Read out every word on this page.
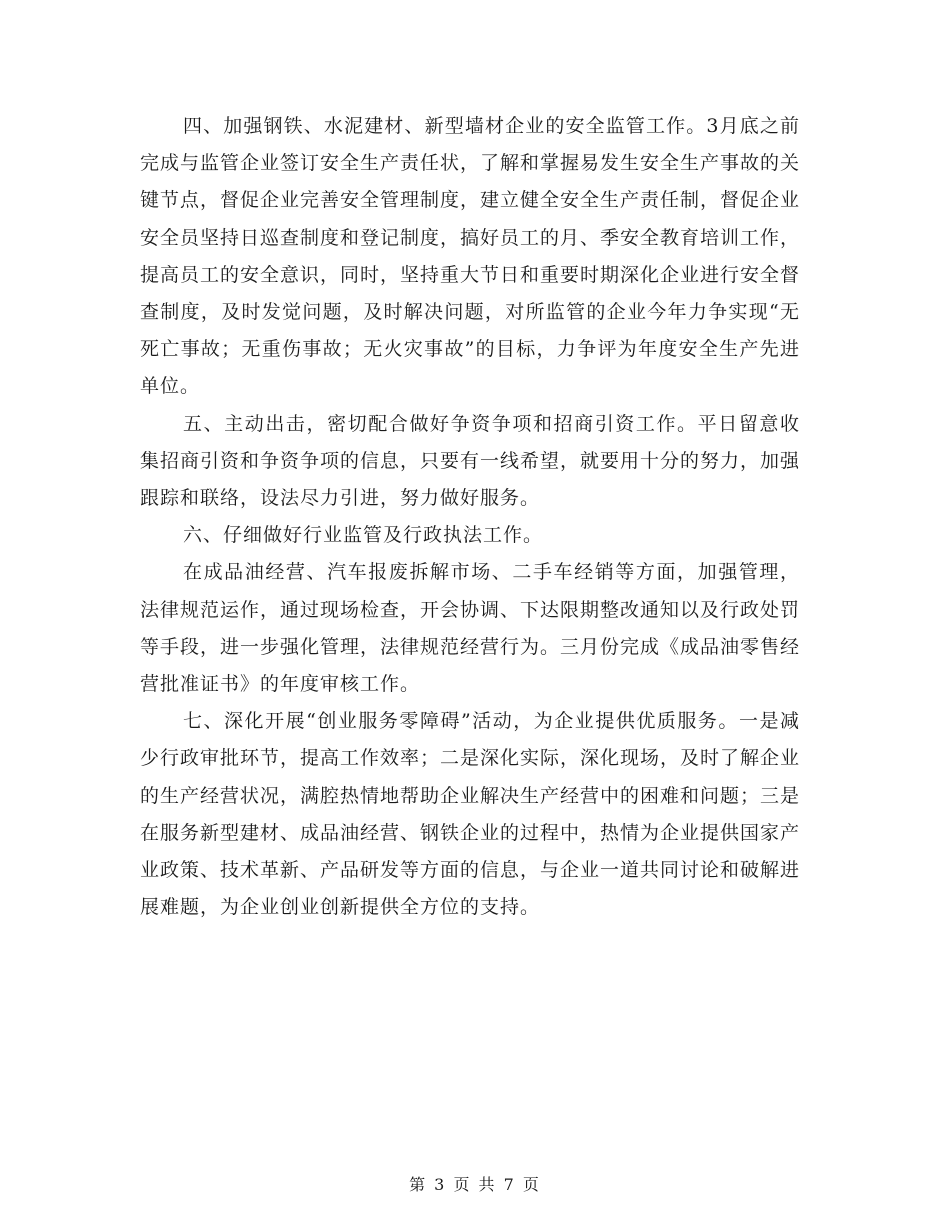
四、加强钢铁、水泥建材、新型墙材企业的安全监管工作。3月底之前完成与监管企业签订安全生产责任状，了解和掌握易发生安全生产事故的关键节点，督促企业完善安全管理制度，建立健全安全生产责任制，督促企业安全员坚持日巡查制度和登记制度，搞好员工的月、季安全教育培训工作，提高员工的安全意识，同时，坚持重大节日和重要时期深化企业进行安全督查制度，及时发觉问题，及时解决问题，对所监管的企业今年力争实现“无死亡事故；无重伤事故；无火灾事故”的目标，力争评为年度安全生产先进单位。

五、主动出击，密切配合做好争资争项和招商引资工作。平日留意收集招商引资和争资争项的信息，只要有一线希望，就要用十分的努力，加强跟踪和联络，设法尽力引进，努力做好服务。

六、仔细做好行业监管及行政执法工作。

在成品油经营、汽车报废拆解市场、二手车经销等方面，加强管理，法律规范运作，通过现场检查，开会协调、下达限期整改通知以及行政处罚等手段，进一步强化管理，法律规范经营行为。三月份完成《成品油零售经营批准证书》的年度审核工作。

七、深化开展“创业服务零障碍”活动，为企业提供优质服务。一是减少行政审批环节，提高工作效率；二是深化实际，深化现场，及时了解企业的生产经营状况，满腔热情地帮助企业解决生产经营中的困难和问题；三是在服务新型建材、成品油经营、钢铁企业的过程中，热情为企业提供国家产业政策、技术革新、产品研发等方面的信息，与企业一道共同讨论和破解进展难题，为企业创业创新提供全方位的支持。

第 3 页 共 7 页
